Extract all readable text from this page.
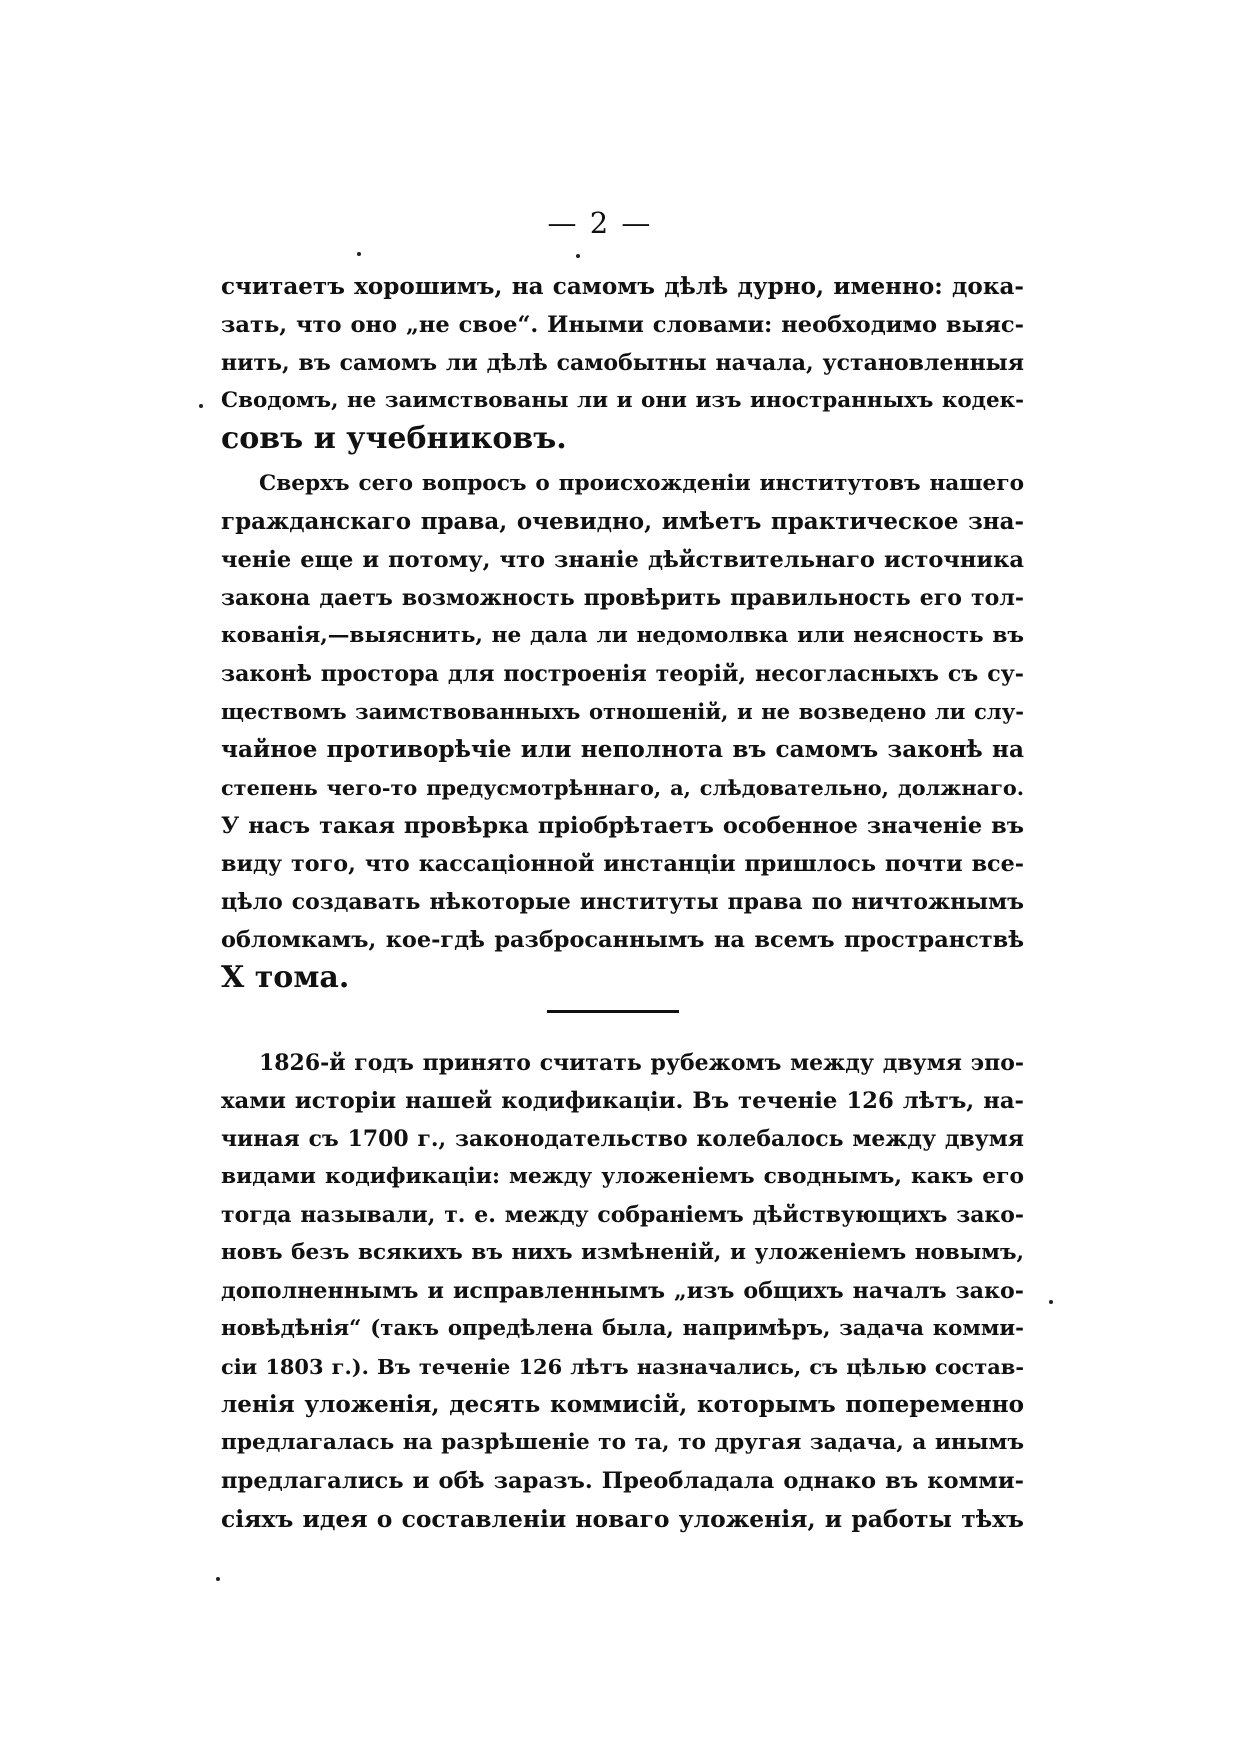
— 2 —
считаетъ хорошимъ, на самомъ дѣлѣ дурно, именно: дока-
зать, что оно „не свое“. Иными словами: необходимо выяс-
нить, въ самомъ ли дѣлѣ самобытны начала, установленныя
Сводомъ, не заимствованы ли и они изъ иностранныхъ кодек-
совъ и учебниковъ.
Сверхъ сего вопросъ о происхожденіи институтовъ нашего
гражданскаго права, очевидно, имѣетъ практическое зна-
ченіе еще и потому, что знаніе дѣйствительнаго источника
закона даетъ возможность провѣрить правильность его тол-
кованія,—выяснить, не дала ли недомолвка или неясность въ
законѣ простора для построенія теорій, несогласныхъ съ су-
ществомъ заимствованныхъ отношеній, и не возведено ли слу-
чайное противорѣчіе или неполнота въ самомъ законѣ на
степень чего-то предусмотрѣннаго, а, слѣдовательно, должнаго.
У насъ такая провѣрка пріобрѣтаетъ особенное значеніе въ
виду того, что кассаціонной инстанціи пришлось почти все-
цѣло создавать нѣкоторые институты права по ничтожнымъ
обломкамъ, кое-гдѣ разбросаннымъ на всемъ пространствѣ
X тома.
1826-й годъ принято считать рубежомъ между двумя эпо-
хами исторіи нашей кодификаціи. Въ теченіе 126 лѣтъ, на-
чиная съ 1700 г., законодательство колебалось между двумя
видами кодификаціи: между уложеніемъ своднымъ, какъ его
тогда называли, т. е. между собраніемъ дѣйствующихъ зако-
новъ безъ всякихъ въ нихъ измѣненій, и уложеніемъ новымъ,
дополненнымъ и исправленнымъ „изъ общихъ началъ зако-
новѣдѣнія“ (такъ опредѣлена была, напримѣръ, задача комми-
сіи 1803 г.). Въ теченіе 126 лѣтъ назначались, съ цѣлью состав-
ленія уложенія, десять коммисій, которымъ попеременно
предлагалась на разрѣшеніе то та, то другая задача, а инымъ
предлагались и обѣ заразъ. Преобладала однако въ комми-
сіяхъ идея о составленіи новаго уложенія, и работы тѣхъ
